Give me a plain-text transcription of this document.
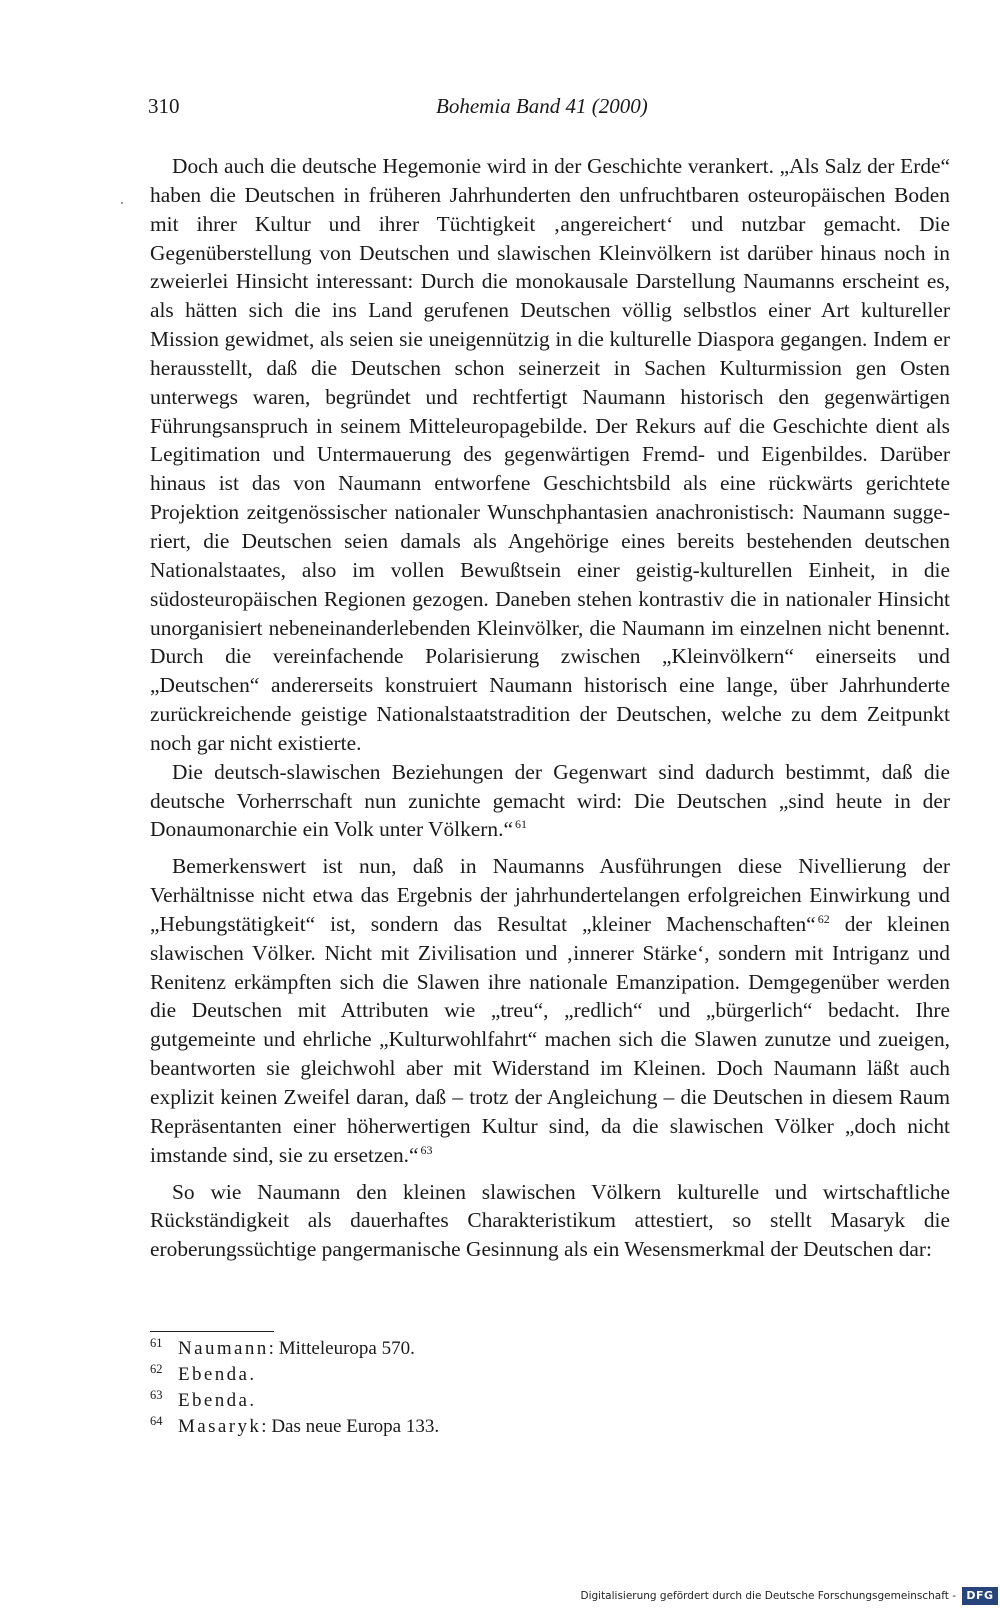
310	Bohemia Band 41 (2000)

Doch auch die deutsche Hegemonie wird in der Geschichte verankert. „Als Salz der Erde“ haben die Deutschen in früheren Jahrhunderten den unfruchtbaren osteuropäischen Boden mit ihrer Kultur und ihrer Tüchtigkeit ‚angereichert‘ und nutzbar gemacht. Die Gegenüberstellung von Deutschen und slawischen Kleinvölkern ist darüber hinaus noch in zweierlei Hinsicht interessant: Durch die monokausale Darstellung Naumanns erscheint es, als hätten sich die ins Land gerufenen Deutschen völlig selbstlos einer Art kultureller Mission gewidmet, als seien sie uneigennützig in die kulturelle Diaspora gegangen. Indem er herausstellt, daß die Deutschen schon seinerzeit in Sachen Kulturmission gen Osten unterwegs waren, begründet und rechtfertigt Naumann historisch den gegenwärtigen Führungsanspruch in seinem Mitteleuropagebilde. Der Rekurs auf die Geschichte dient als Legitimation und Untermauerung des gegenwärtigen Fremd- und Eigenbildes. Darüber hinaus ist das von Naumann entworfene Geschichtsbild als eine rückwärts gerichtete Projektion zeitgenössischer nationaler Wunschphantasien anachronistisch: Naumann suggeriert, die Deutschen seien damals als Angehörige eines bereits bestehenden deutschen Nationalstaates, also im vollen Bewußtsein einer geistig-kulturellen Einheit, in die südosteuropäischen Regionen gezogen. Daneben stehen kontrastiv die in nationaler Hinsicht unorganisiert nebeneinanderlebenden Kleinvölker, die Naumann im einzelnen nicht benennt. Durch die vereinfachende Polarisierung zwischen „Kleinvölkern“ einerseits und „Deutschen“ andererseits konstruiert Naumann historisch eine lange, über Jahrhunderte zurückreichende geistige Nationalstaatstradition der Deutschen, welche zu dem Zeitpunkt noch gar nicht existierte.

Die deutsch-slawischen Beziehungen der Gegenwart sind dadurch bestimmt, daß die deutsche Vorherrschaft nun zunichte gemacht wird: Die Deutschen „sind heute in der Donaumonarchie ein Volk unter Völkern.“ $^{61}$

Bemerkenswert ist nun, daß in Naumanns Ausführungen diese Nivellierung der Verhältnisse nicht etwa das Ergebnis der jahrhundertelangen erfolgreichen Einwirkung und „Hebungstätigkeit“ ist, sondern das Resultat „kleiner Machenschaften“ $^{62}$ der kleinen slawischen Völker. Nicht mit Zivilisation und ‚innerer Stärke‘, sondern mit Intriganz und Renitenz erkämpften sich die Slawen ihre nationale Emanzipation. Demgegenüber werden die Deutschen mit Attributen wie „treu“, „redlich“ und „bürgerlich“ bedacht. Ihre gutgemeinte und ehrliche „Kulturwohlfahrt“ machen sich die Slawen zunutze und zueigen, beantworten sie gleichwohl aber mit Widerstand im Kleinen. Doch Naumann läßt auch explizit keinen Zweifel daran, daß – trotz der Angleichung – die Deutschen in diesem Raum Repräsentanten einer höherwertigen Kultur sind, da die slawischen Völker „doch nicht imstande sind, sie zu ersetzen.“ $^{63}$

So wie Naumann den kleinen slawischen Völkern kulturelle und wirtschaftliche Rückständigkeit als dauerhaftes Charakteristikum attestiert, so stellt Masaryk die eroberungssüchtige pangermanische Gesinnung als ein Wesensmerkmal der Deutschen dar:

61 Naumann: Mitteleuropa 570.
62 Ebenda.
63 Ebenda.
64 Masaryk: Das neue Europa 133.
Digitalisierung gefördert durch die Deutsche Forschungsgemeinschaft - DFG
